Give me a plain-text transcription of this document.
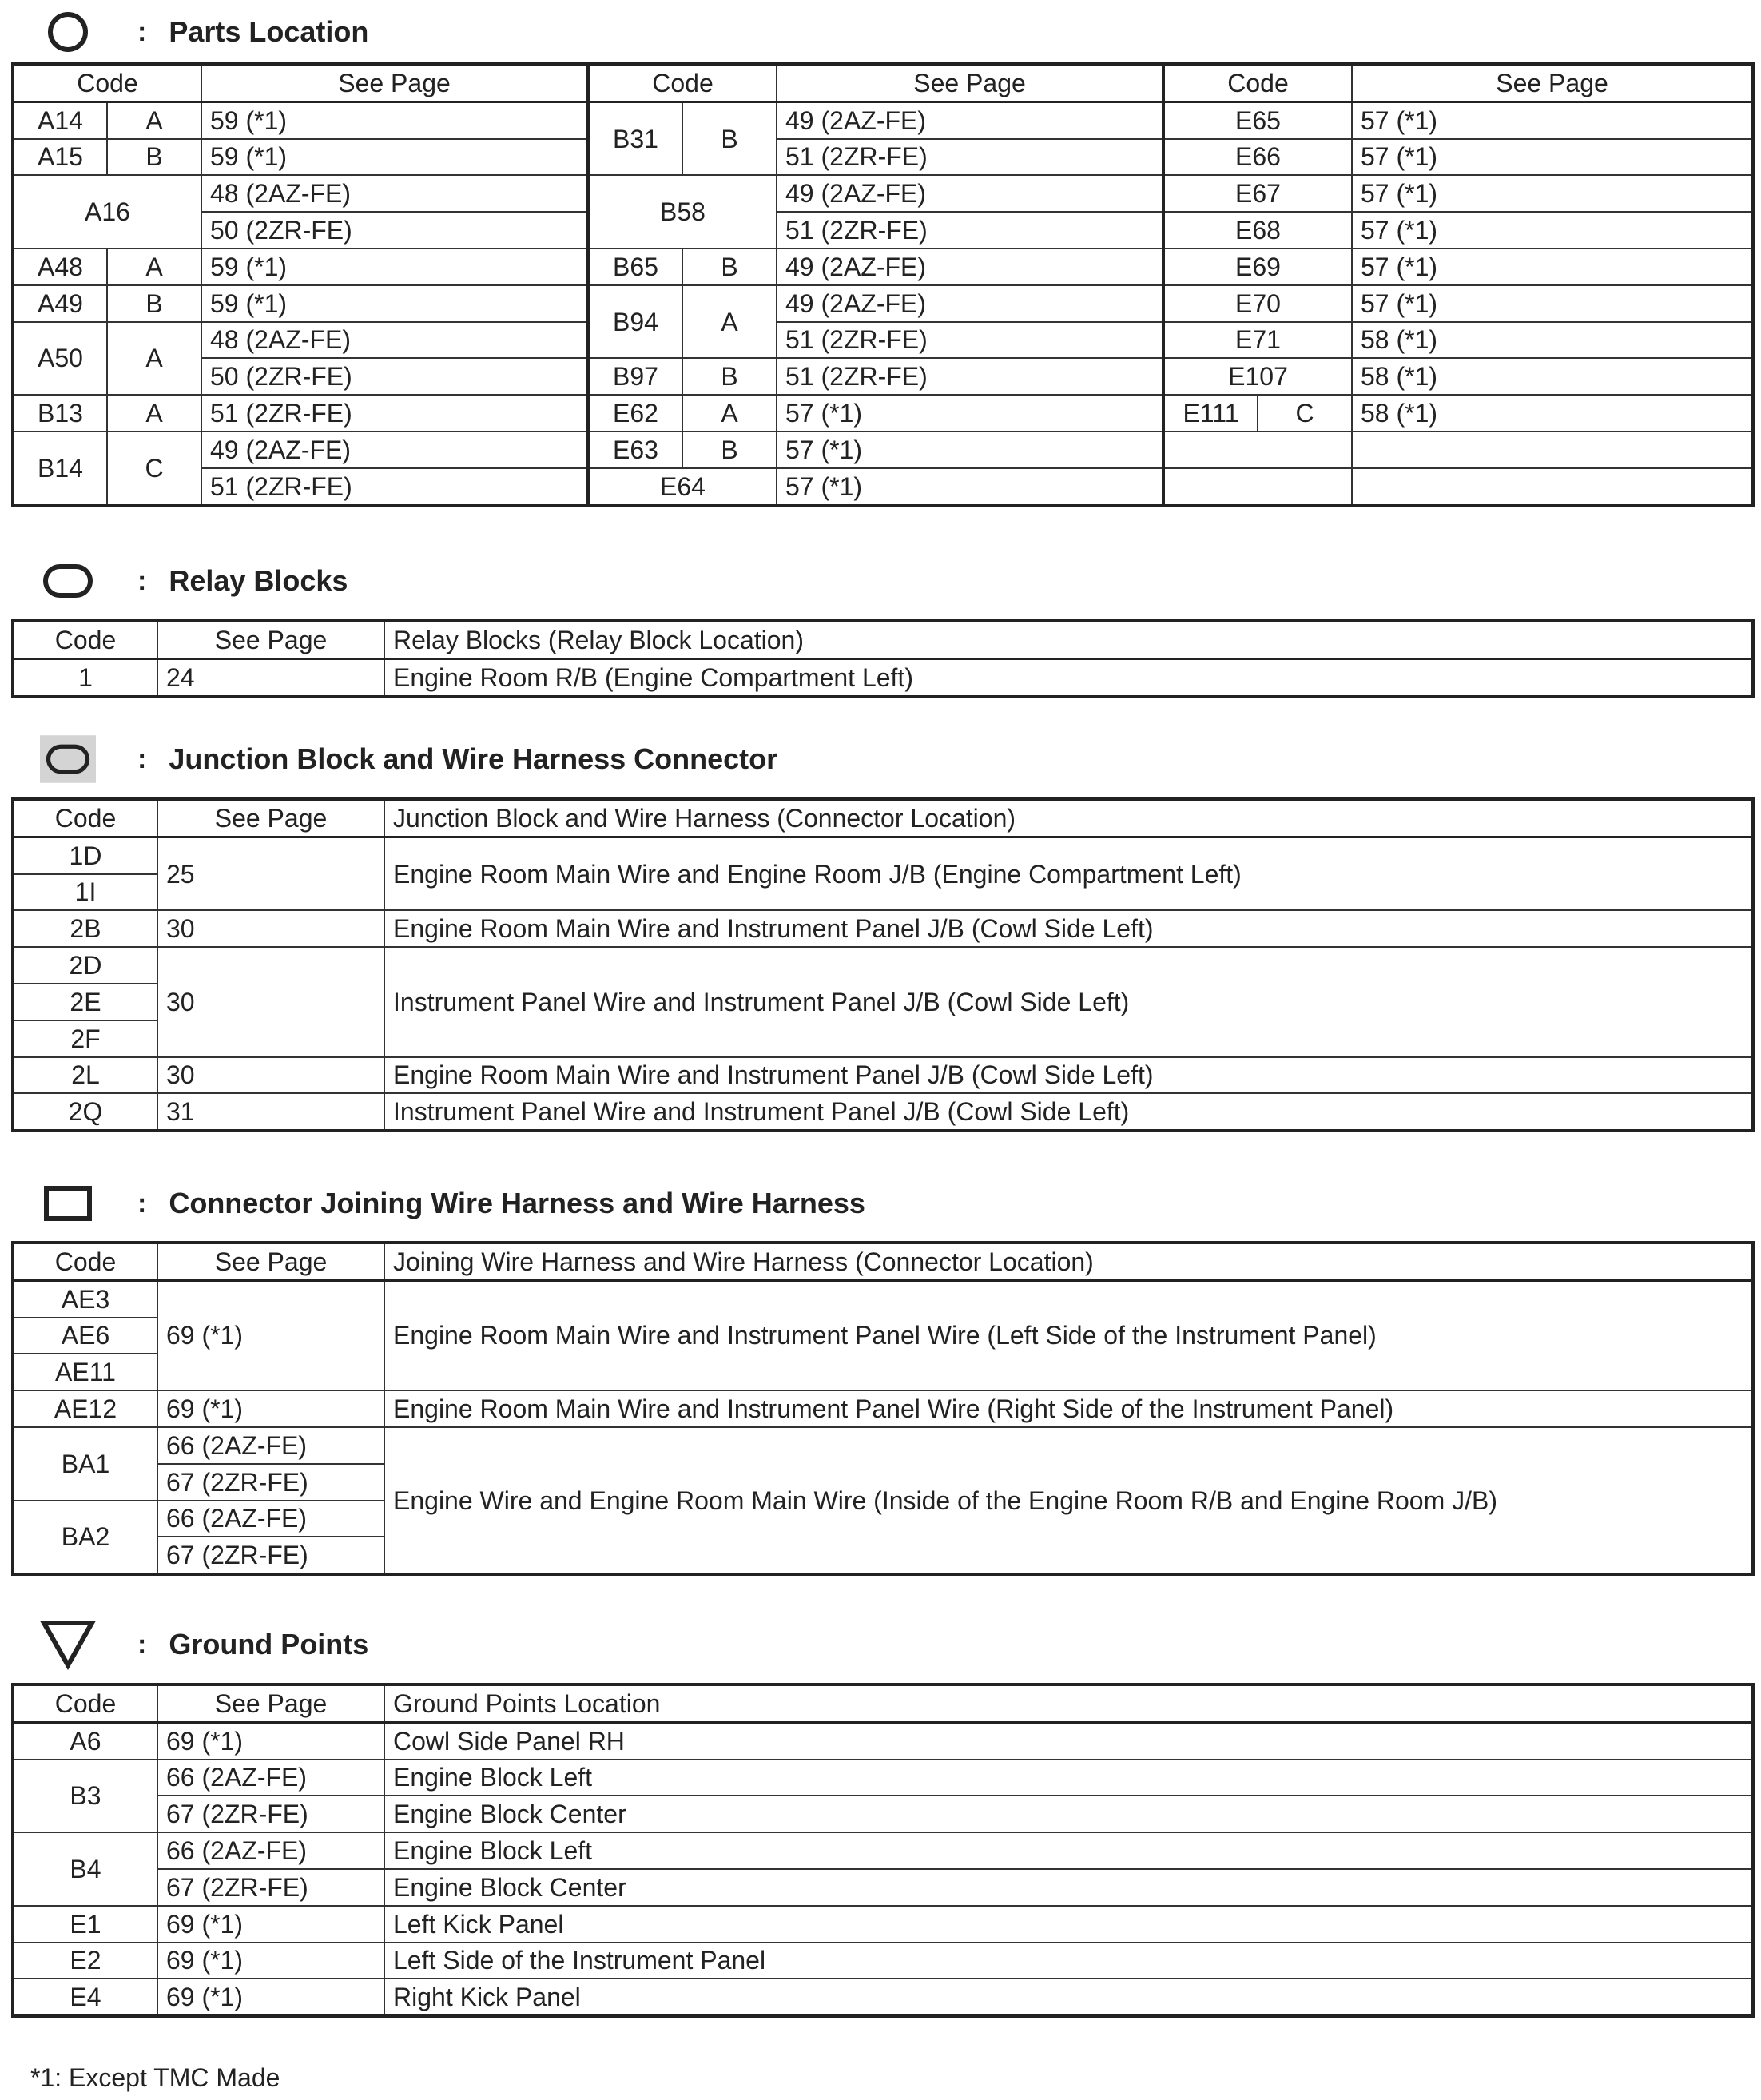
: Parts Location
Code		See Page	Code		See Page	Code		See Page
A14	A	59 (*1)	B31	B	49 (2AZ-FE)	E65		57 (*1)
A15	B	59 (*1)			51 (2ZR-FE)	E66		57 (*1)
A16		48 (2AZ-FE)	B58		49 (2AZ-FE)	E67		57 (*1)
		50 (2ZR-FE)			51 (2ZR-FE)	E68		57 (*1)
A48	A	59 (*1)	B65	B	49 (2AZ-FE)	E69		57 (*1)
A49	B	59 (*1)	B94	A	49 (2AZ-FE)	E70		57 (*1)
A50	A	48 (2AZ-FE)			51 (2ZR-FE)	E71		58 (*1)
		50 (2ZR-FE)	B97	B	51 (2ZR-FE)	E107		58 (*1)
B13	A	51 (2ZR-FE)	E62	A	57 (*1)	E111	C	58 (*1)
B14	C	49 (2AZ-FE)	E63	B	57 (*1)			
		51 (2ZR-FE)	E64		57 (*1)			
: Relay Blocks
Code	See Page	Relay Blocks (Relay Block Location)
1	24	Engine Room R/B (Engine Compartment Left)
: Junction Block and Wire Harness Connector
Code	See Page	Junction Block and Wire Harness (Connector Location)
1D	25	Engine Room Main Wire and Engine Room J/B (Engine Compartment Left)
1I		
2B	30	Engine Room Main Wire and Instrument Panel J/B (Cowl Side Left)
2D	30	Instrument Panel Wire and Instrument Panel J/B (Cowl Side Left)
2E		
2F		
2L	30	Engine Room Main Wire and Instrument Panel J/B (Cowl Side Left)
2Q	31	Instrument Panel Wire and Instrument Panel J/B (Cowl Side Left)
: Connector Joining Wire Harness and Wire Harness
Code	See Page	Joining Wire Harness and Wire Harness (Connector Location)
AE3	69 (*1)	Engine Room Main Wire and Instrument Panel Wire (Left Side of the Instrument Panel)
AE6		
AE11		
AE12	69 (*1)	Engine Room Main Wire and Instrument Panel Wire (Right Side of the Instrument Panel)
BA1	66 (2AZ-FE)	Engine Wire and Engine Room Main Wire (Inside of the Engine Room R/B and Engine Room J/B)
	67 (2ZR-FE)	
BA2	66 (2AZ-FE)	
	67 (2ZR-FE)	
: Ground Points
Code	See Page	Ground Points Location
A6	69 (*1)	Cowl Side Panel RH
B3	66 (2AZ-FE)	Engine Block Left
	67 (2ZR-FE)	Engine Block Center
B4	66 (2AZ-FE)	Engine Block Left
	67 (2ZR-FE)	Engine Block Center
E1	69 (*1)	Left Kick Panel
E2	69 (*1)	Left Side of the Instrument Panel
E4	69 (*1)	Right Kick Panel
*1: Except TMC Made
